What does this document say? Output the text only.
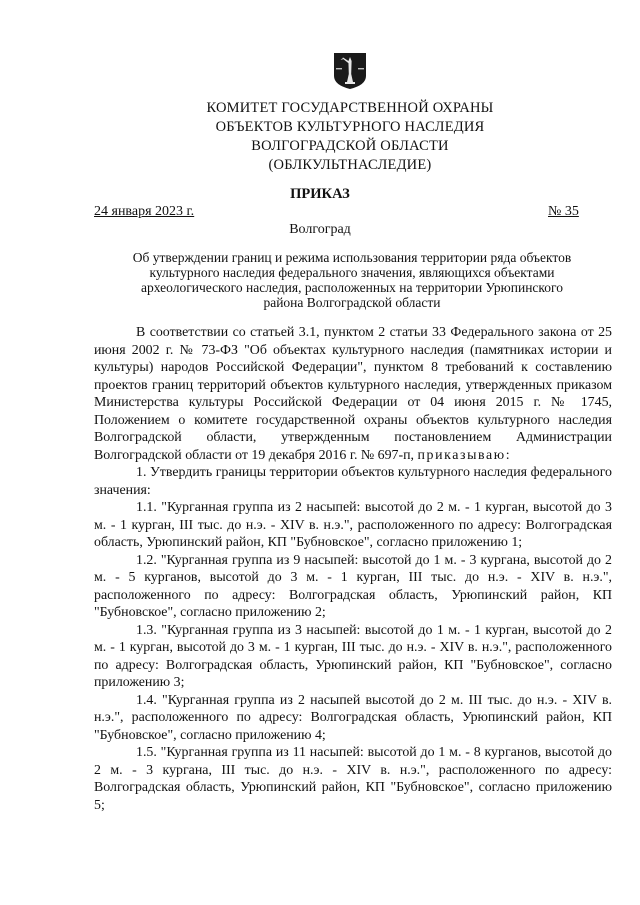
КОМИТЕТ ГОСУДАРСТВЕННОЙ ОХРАНЫ
ОБЪЕКТОВ КУЛЬТУРНОГО НАСЛЕДИЯ
ВОЛГОГРАДСКОЙ ОБЛАСТИ
(ОБЛКУЛЬТНАСЛЕДИЕ)
ПРИКАЗ
24 января 2023 г.	№ 35
Волгоград
Об утверждении границ и режима использования территории ряда объектов
культурного наследия федерального значения, являющихся объектами
археологического наследия, расположенных на территории Урюпинского
района Волгоградской области

В соответствии со статьей 3.1, пунктом 2 статьи 33 Федерального закона от 25 июня 2002 г. № 73-ФЗ "Об объектах культурного наследия (памятниках истории и культуры) народов Российской Федерации", пунктом 8 требований к составлению проектов границ территорий объектов культурного наследия, утвержденных приказом Министерства культуры Российской Федерации от 04 июня 2015 г. № 1745, Положением о комитете государственной охраны объектов культурного наследия Волгоградской области, утвержденным постановлением Администрации Волгоградской области от 19 декабря 2016 г. № 697-п, приказываю:

1. Утвердить границы территории объектов культурного наследия федерального значения:

1.1. "Курганная группа из 2 насыпей: высотой до 2 м. - 1 курган, высотой до 3 м. - 1 курган, III тыс. до н.э. - XIV в. н.э.", расположенного по адресу: Волгоградская область, Урюпинский район, КП "Бубновское", согласно приложению 1;

1.2. "Курганная группа из 9 насыпей: высотой до 1 м. - 3 кургана, высотой до 2 м. - 5 курганов, высотой до 3 м. - 1 курган, III тыс. до н.э. - XIV в. н.э.", расположенного по адресу: Волгоградская область, Урюпинский район, КП "Бубновское", согласно приложению 2;

1.3. "Курганная группа из 3 насыпей: высотой до 1 м. - 1 курган, высотой до 2 м. - 1 курган, высотой до 3 м. - 1 курган, III тыс. до н.э. - XIV в. н.э.", расположенного по адресу: Волгоградская область, Урюпинский район, КП "Бубновское", согласно приложению 3;

1.4. "Курганная группа из 2 насыпей высотой до 2 м. III тыс. до н.э. - XIV в. н.э.", расположенного по адресу: Волгоградская область, Урюпинский район, КП "Бубновское", согласно приложению 4;

1.5. "Курганная группа из 11 насыпей: высотой до 1 м. - 8 курганов, высотой до 2 м. - 3 кургана, III тыс. до н.э. - XIV в. н.э.", расположенного по адресу: Волгоградская область, Урюпинский район, КП "Бубновское", согласно приложению 5;
